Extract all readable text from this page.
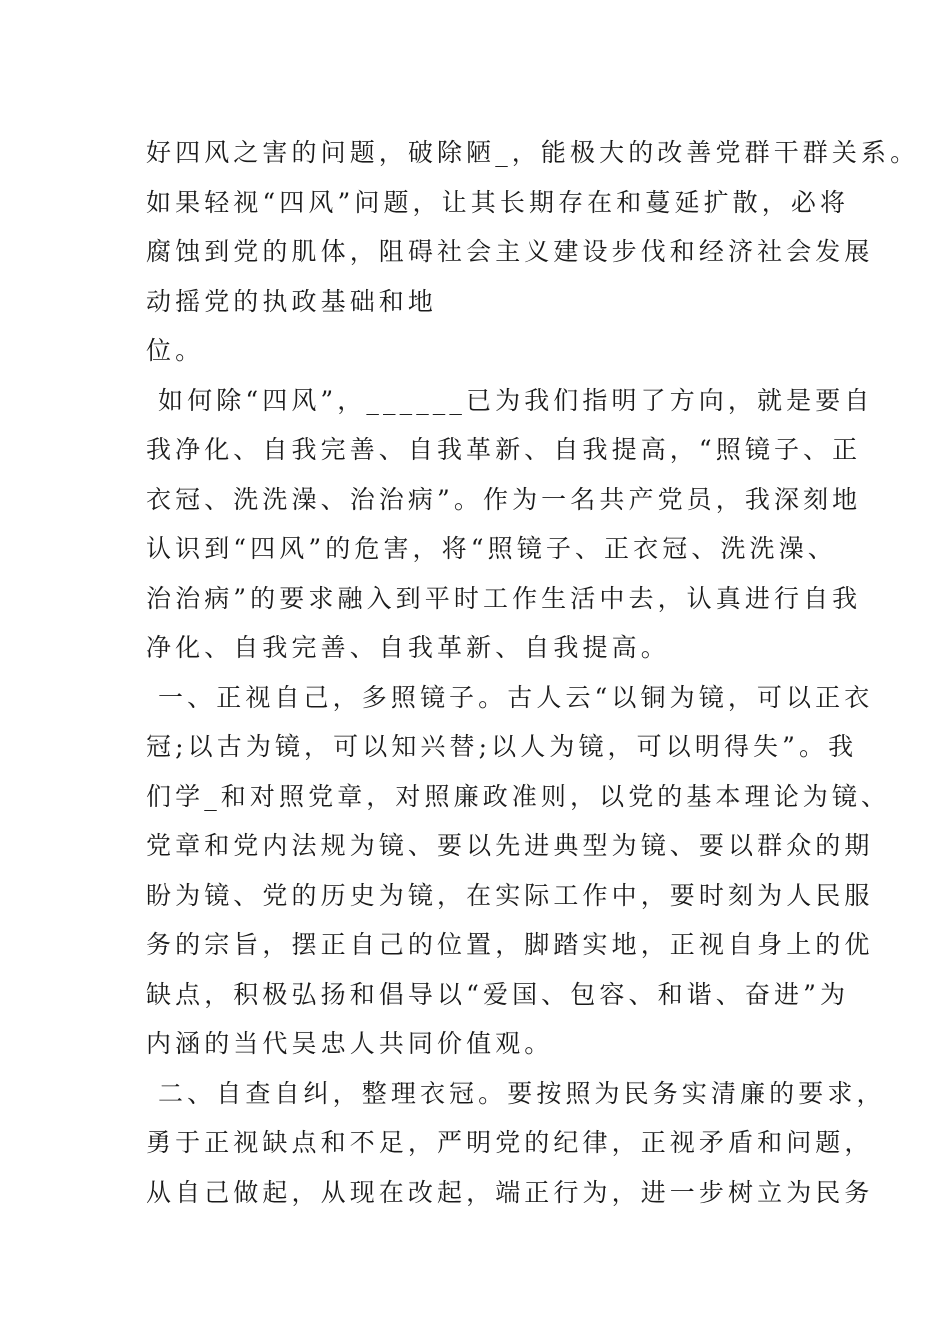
好四风之害的问题，破除陋_，能极大的改善党群干群关系。
如果轻视“四风”问题，让其长期存在和蔓延扩散，必将
腐蚀到党的肌体，阻碍社会主义建设步伐和经济社会发展
动摇党的执政基础和地
位。
如何除“四风”，______已为我们指明了方向，就是要自
我净化、自我完善、自我革新、自我提高，“照镜子、正
衣冠、洗洗澡、治治病”。作为一名共产党员，我深刻地
认识到“四风”的危害，将“照镜子、正衣冠、洗洗澡、
治治病”的要求融入到平时工作生活中去，认真进行自我
净化、自我完善、自我革新、自我提高。
一、正视自己，多照镜子。古人云“以铜为镜，可以正衣
冠;以古为镜，可以知兴替;以人为镜，可以明得失”。我
们学_和对照党章，对照廉政准则，以党的基本理论为镜、
党章和党内法规为镜、要以先进典型为镜、要以群众的期
盼为镜、党的历史为镜，在实际工作中，要时刻为人民服
务的宗旨，摆正自己的位置，脚踏实地，正视自身上的优
缺点，积极弘扬和倡导以“爱国、包容、和谐、奋进”为
内涵的当代吴忠人共同价值观。
二、自查自纠，整理衣冠。要按照为民务实清廉的要求，
勇于正视缺点和不足，严明党的纪律，正视矛盾和问题，
从自己做起，从现在改起，端正行为，进一步树立为民务
